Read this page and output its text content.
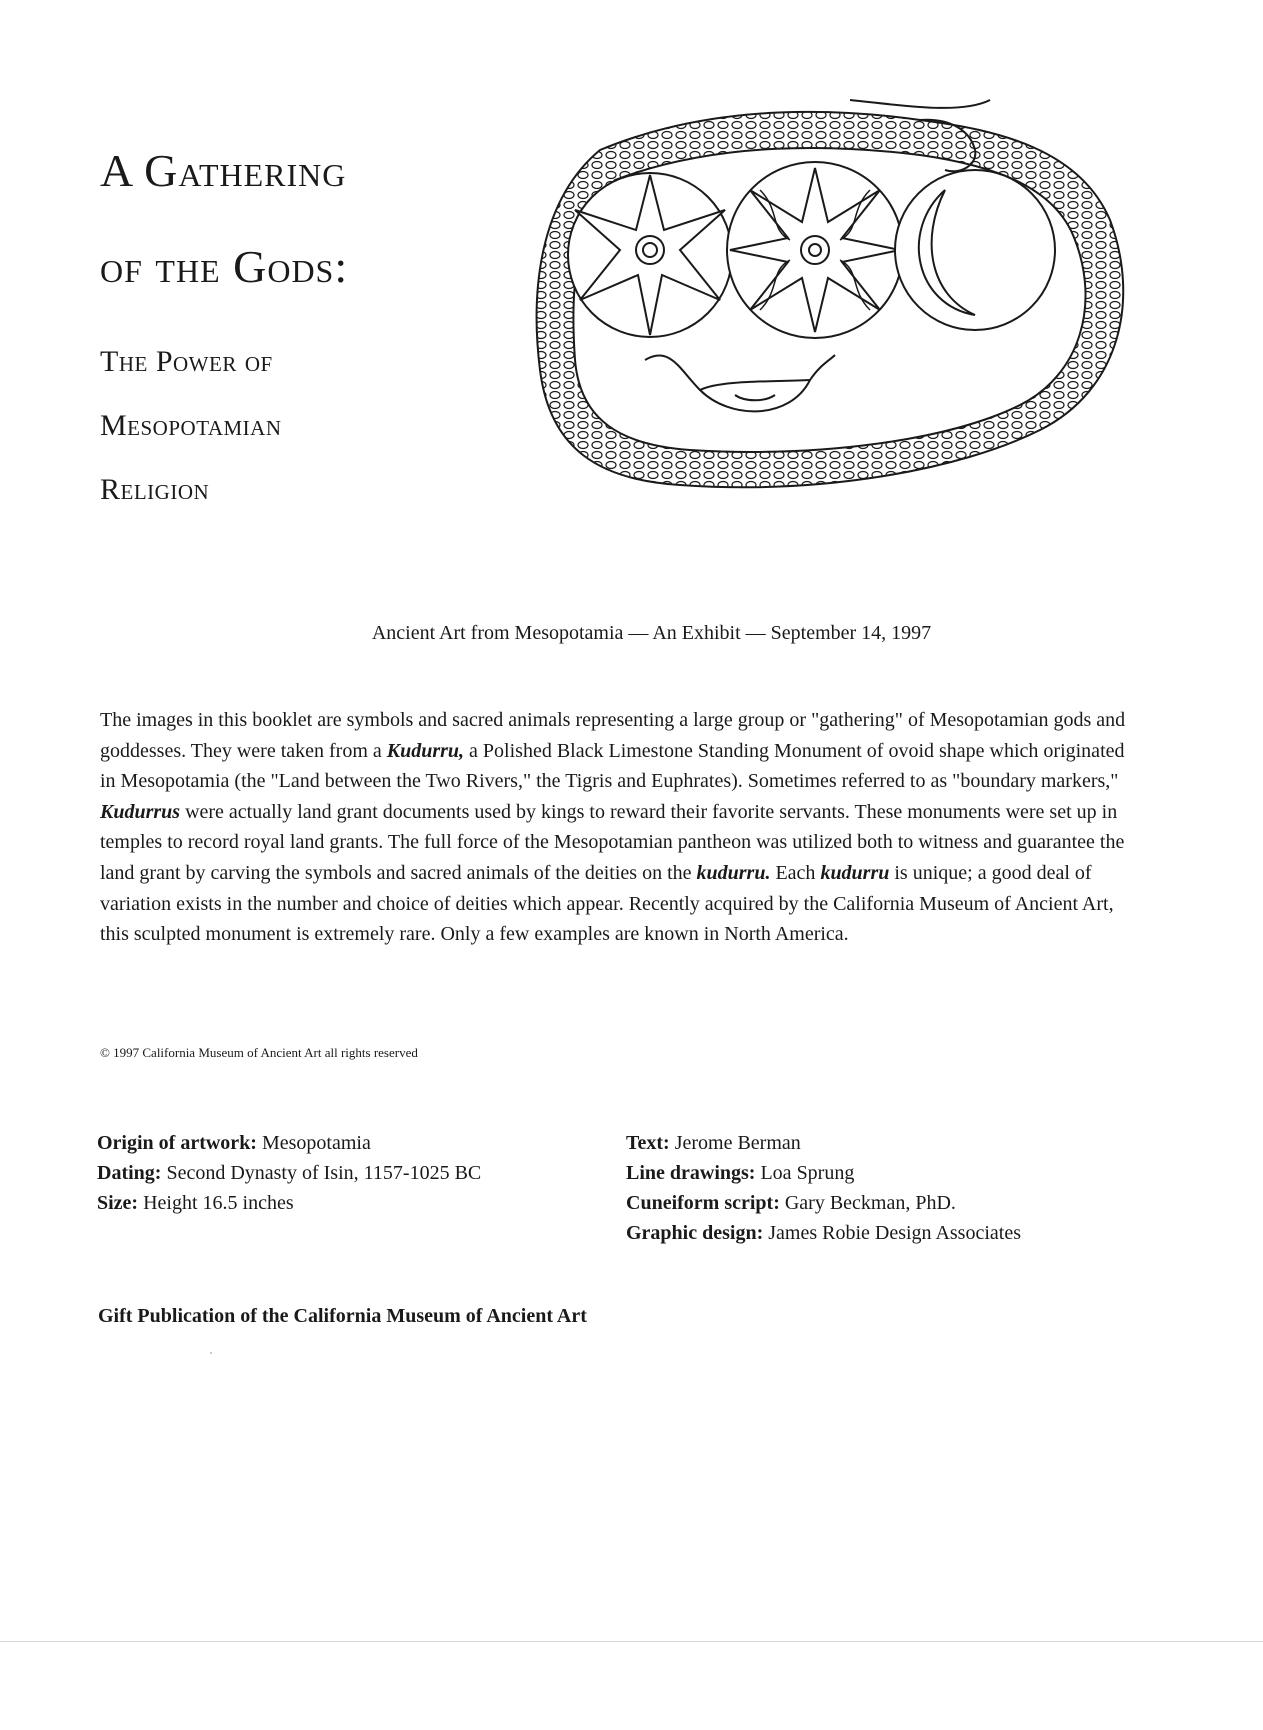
A Gathering
of the Gods:
The Power of
Mesopotamian
Religion
Ancient Art from Mesopotamia — An Exhibit — September 14, 1997
The images in this booklet are symbols and sacred animals representing a large group or "gathering" of Mesopotamian gods and goddesses. They were taken from a Kudurru, a Polished Black Limestone Standing Monument of ovoid shape which originated in Mesopotamia (the "Land between the Two Rivers," the Tigris and Euphrates). Sometimes referred to as "boundary markers," Kudurrus were actually land grant documents used by kings to reward their favorite servants. These monuments were set up in temples to record royal land grants. The full force of the Mesopotamian pantheon was utilized both to witness and guarantee the land grant by carving the symbols and sacred animals of the deities on the kudurru. Each kudurru is unique; a good deal of variation exists in the number and choice of deities which appear. Recently acquired by the California Museum of Ancient Art, this sculpted monument is extremely rare. Only a few examples are known in North America.
© 1997 California Museum of Ancient Art all rights reserved
Origin of artwork: Mesopotamia
Dating: Second Dynasty of Isin, 1157-1025 BC
Size: Height 16.5 inches
Text: Jerome Berman
Line drawings: Loa Sprung
Cuneiform script: Gary Beckman, PhD.
Graphic design: James Robie Design Associates
Gift Publication of the California Museum of Ancient Art
